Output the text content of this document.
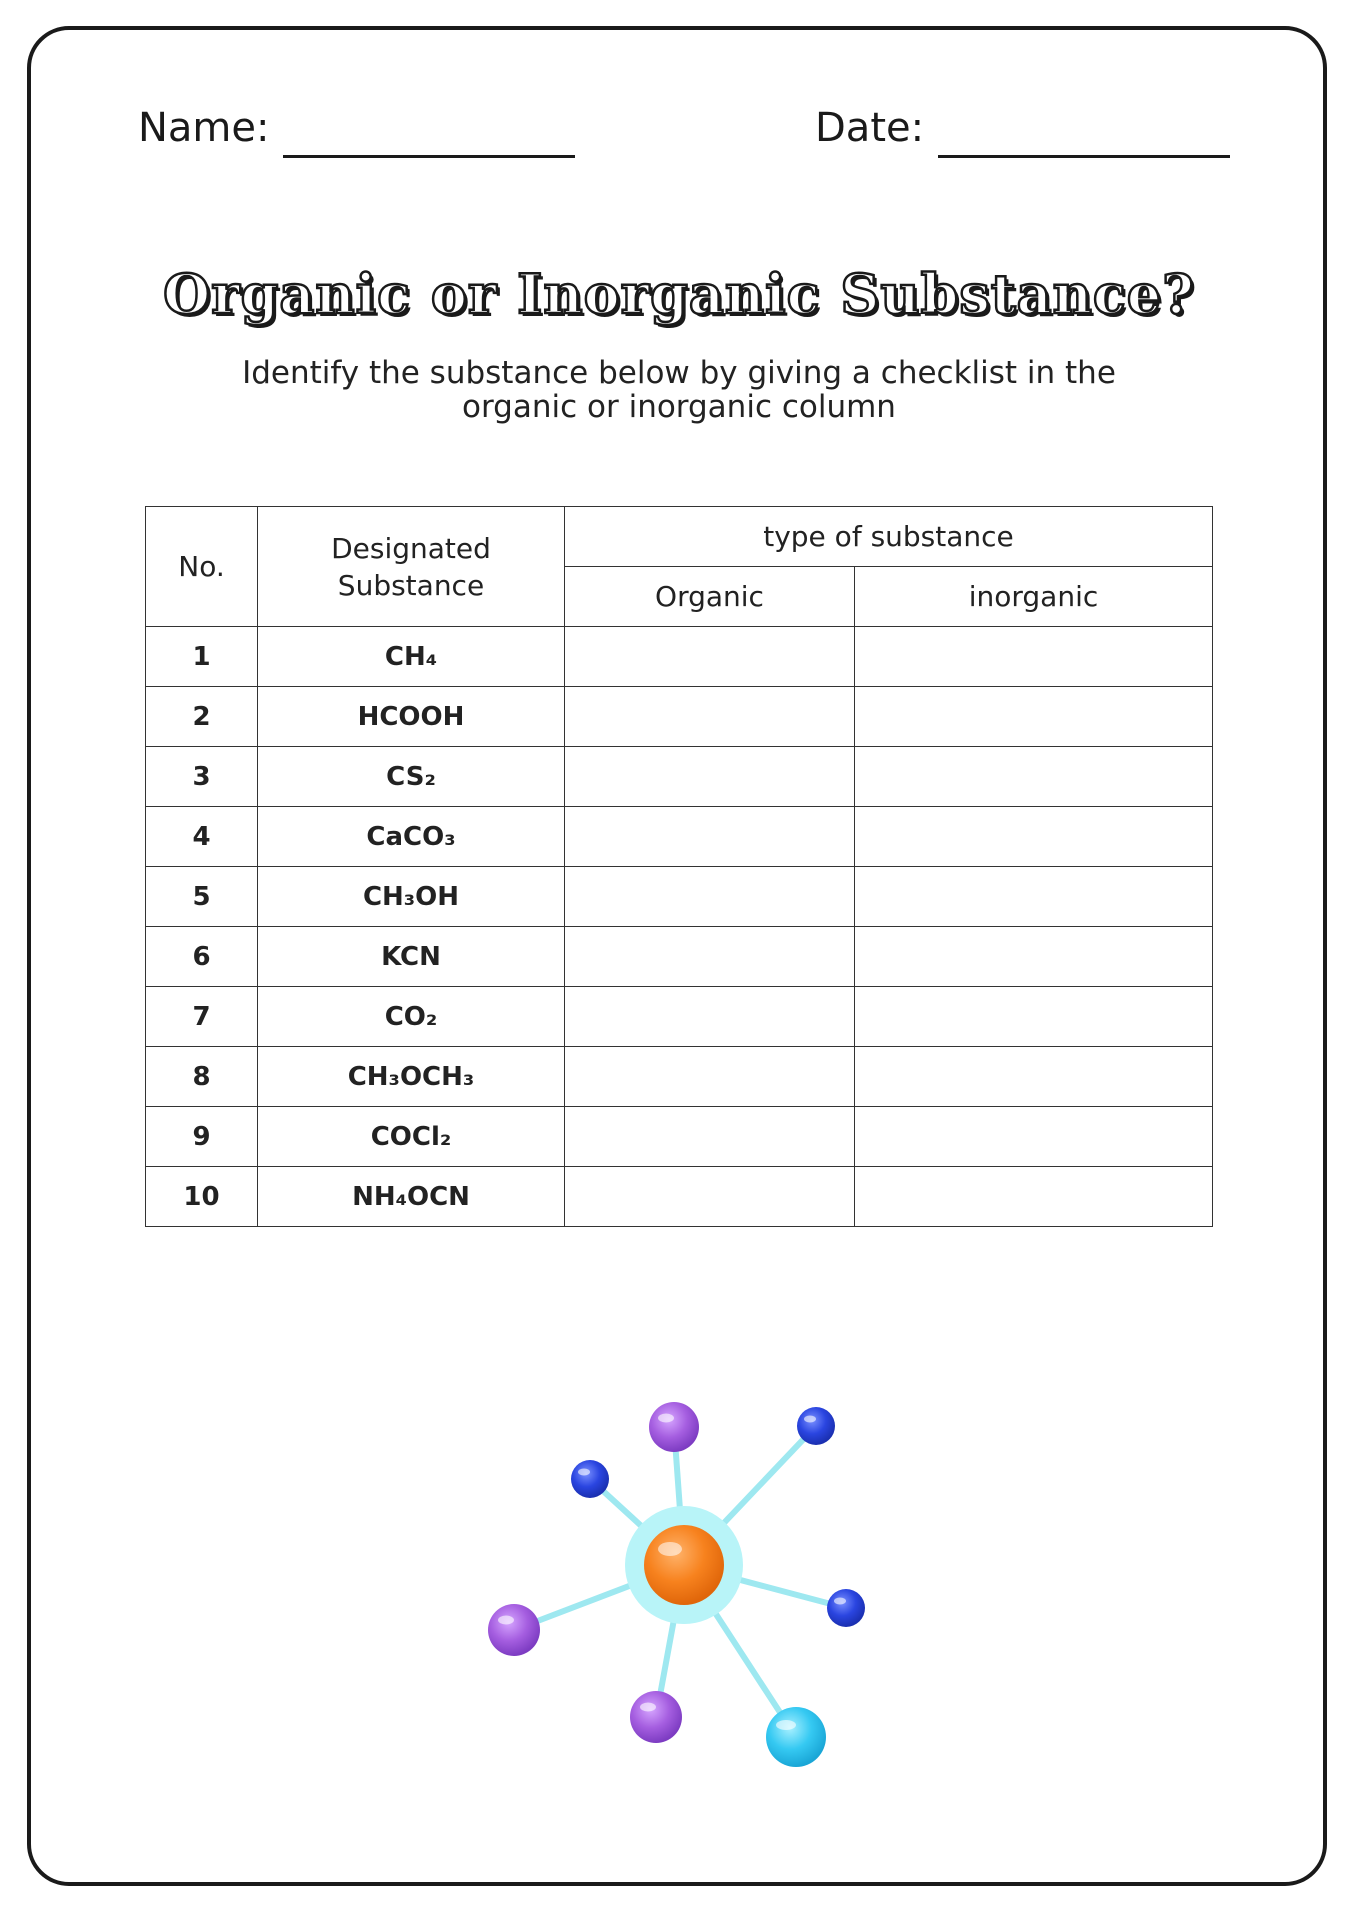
Name:	Date:
Organic or Inorganic Substance?
Identify the substance below by giving a checklist in the
organic or inorganic column
No.	Designated Substance	type of substance	
		Organic	inorganic
1	CH₄		
2	HCOOH		
3	CS₂		
4	CaCO₃		
5	CH₃OH		
6	KCN		
7	CO₂		
8	CH₃OCH₃		
9	COCl₂		
10	NH₄OCN		
